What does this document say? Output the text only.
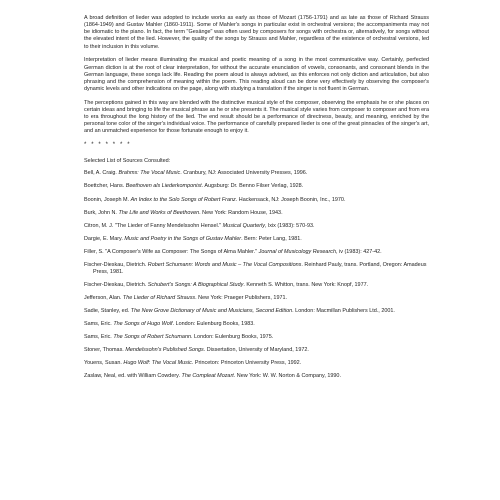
A broad definition of lieder was adopted to include works as early as those of Mozart (1756-1791) and as late as those of Richard Strauss (1864-1949) and Gustav Mahler (1860-1911). Some of Mahler's songs in particular exist in orchestral versions; the accompaniments may not be idiomatic to the piano. In fact, the term "Gesänge" was often used by composers for songs with orchestra or, alternatively, for songs without the elevated intent of the lied. However, the quality of the songs by Strauss and Mahler, regardless of the existence of orchestral versions, led to their inclusion in this volume.

Interpretation of lieder means illuminating the musical and poetic meaning of a song in the most communicative way. Certainly, perfected German diction is at the root of clear interpretation, for without the accurate enunciation of vowels, consonants, and consonant blends in the German language, these songs lack life. Reading the poem aloud is always advised, as this enforces not only diction and articulation, but also phrasing and the comprehension of meaning within the poem. This reading aloud can be done very effectively by observing the composer's dynamic levels and other indications on the page, along with studying a translation if the singer is not fluent in German.

The perceptions gained in this way are blended with the distinctive musical style of the composer, observing the emphasis he or she places on certain ideas and bringing to life the musical phrase as he or she presents it. The musical style varies from composer to composer and from era to era throughout the long history of the lied. The end result should be a performance of directness, beauty, and meaning, enriched by the personal tone color of the singer's individual voice. The performance of carefully prepared lieder is one of the great pinnacles of the singer's art, and an unmatched experience for those fortunate enough to enjoy it.

* * * * * * *
Selected List of Sources Consulted:
Bell, A. Craig. Brahms: The Vocal Music. Cranbury, NJ: Associated University Presses, 1996.
Boettcher, Hans. Beethoven als Liederkomponist. Augsburg: Dr. Benno Filser Verlag, 1928.
Boonin, Joseph M. An Index to the Solo Songs of Robert Franz. Hackensack, NJ: Joseph Boonin, Inc., 1970.
Burk, John N. The Life and Works of Beethoven. New York: Random House, 1943.
Citron, M. J. "The Lieder of Fanny Mendelssohn Hensel." Musical Quarterly, lxix (1983): 570-93.
Dargie, E. Mary. Music and Poetry in the Songs of Gustav Mahler. Bern: Peter Lang, 1981.
Filler, S. "A Composer's Wife as Composer: The Songs of Alma Mahler." Journal of Musicology Research, iv (1983): 427-42.
Fischer-Dieskau, Dietrich. Robert Schumann: Words and Music – The Vocal Compositions. Reinhard Pauly, trans. Portland, Oregon: Amadeus Press, 1981.
Fischer-Dieskau, Dietrich. Schubert's Songs: A Biographical Study. Kenneth S. Whitton, trans. New York: Knopf, 1977.
Jefferson, Alan. The Lieder of Richard Strauss. New York: Praeger Publishers, 1971.
Sadie, Stanley, ed. The New Grove Dictionary of Music and Musicians, Second Edition. London: Macmillan Publishers Ltd., 2001.
Sams, Eric. The Songs of Hugo Wolf. London: Eulenburg Books, 1983.
Sams, Eric. The Songs of Robert Schumann. London: Eulenburg Books, 1975.
Stoner, Thomas. Mendelssohn's Published Songs. Dissertation, University of Maryland, 1972.
Youens, Susan. Hugo Wolf: The Vocal Music. Princeton: Princeton University Press, 1992.
Zaslaw, Neal, ed. with William Cowdery. The Compleat Mozart. New York: W. W. Norton & Company, 1990.
